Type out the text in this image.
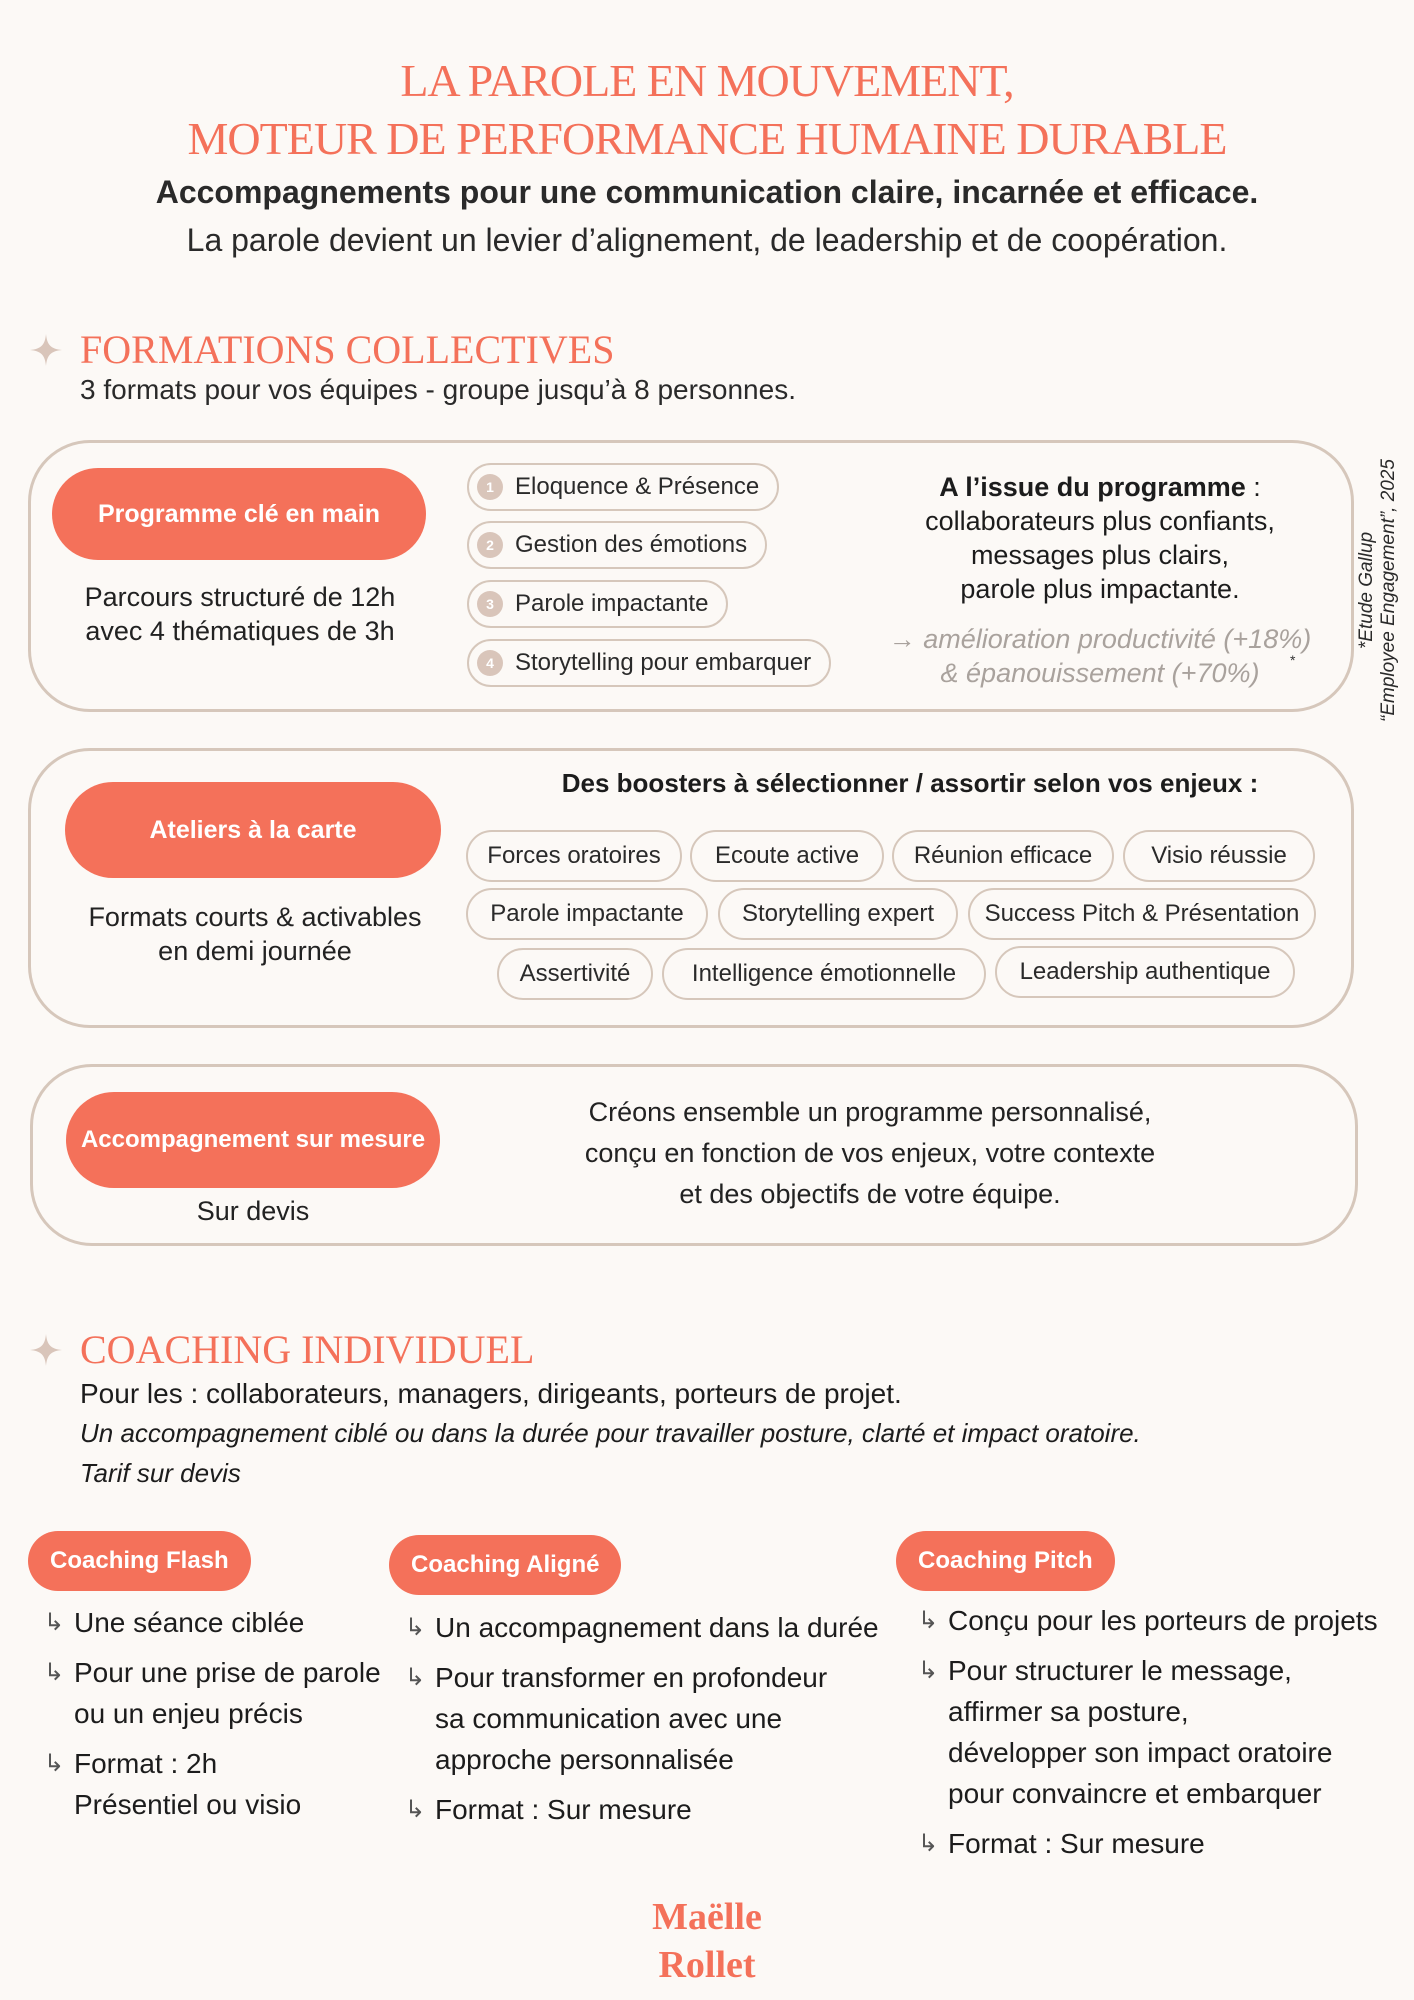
LA PAROLE EN MOUVEMENT,
MOTEUR DE PERFORMANCE HUMAINE DURABLE
Accompagnements pour une communication claire, incarnée et efficace.
La parole devient un levier d’alignement, de leadership et de coopération.
FORMATIONS COLLECTIVES
3 formats pour vos équipes - groupe jusqu’à 8 personnes.
Programme clé en main
Parcours structuré de 12h
avec 4 thématiques de 3h
1 Eloquence & Présence
2 Gestion des émotions
3 Parole impactante
4 Storytelling pour embarquer
A l’issue du programme :
collaborateurs plus confiants,
messages plus clairs,
parole plus impactante.
→ amélioration productivité (+18%)
& épanouissement (+70%)	*
*Etude Gallup “Employee Engagement”, 2025
Ateliers à la carte
Formats courts & activables
en demi journée
Des boosters à sélectionner / assortir selon vos enjeux :
Forces oratoires	Ecoute active	Réunion efficace	Visio réussie
Parole impactante	Storytelling expert	Success Pitch & Présentation
Assertivité	Intelligence émotionnelle	Leadership authentique
Accompagnement sur mesure
Sur devis
Créons ensemble un programme personnalisé,
conçu en fonction de vos enjeux, votre contexte
et des objectifs de votre équipe.
COACHING INDIVIDUEL
Pour les : collaborateurs, managers, dirigeants, porteurs de projet.
Un accompagnement ciblé ou dans la durée pour travailler posture, clarté et impact oratoire.
Tarif sur devis
Coaching Flash
↳ Une séance ciblée
↳ Pour une prise de parole
ou un enjeu précis
↳ Format : 2h
Présentiel ou visio
Coaching Aligné
↳ Un accompagnement dans la durée
↳ Pour transformer en profondeur
sa communication avec une
approche personnalisée
↳ Format : Sur mesure
Coaching Pitch
↳ Conçu pour les porteurs de projets
↳ Pour structurer le message,
affirmer sa posture,
développer son impact oratoire
pour convaincre et embarquer
↳ Format : Sur mesure
Maëlle
Rollet
